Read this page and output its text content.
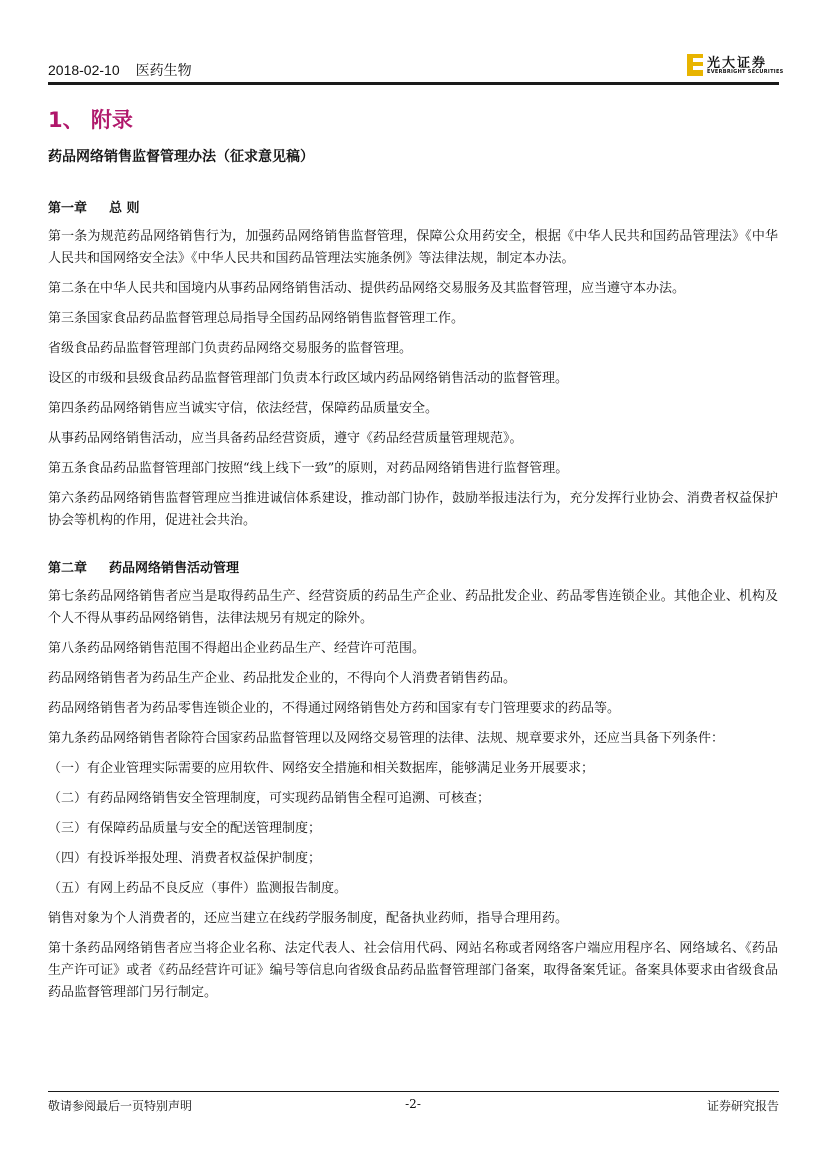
2018-02-10 医药生物	光大证券
EVERBRIGHT SECURITIES
1、 附录
药品网络销售监督管理办法（征求意见稿）
第一章 总 则

第一条为规范药品网络销售行为，加强药品网络销售监督管理，保障公众用药安全，根据《中华人民共和国药品管理法》《中华人民共和国网络安全法》《中华人民共和国药品管理法实施条例》等法律法规，制定本办法。

第二条在中华人民共和国境内从事药品网络销售活动、提供药品网络交易服务及其监督管理，应当遵守本办法。

第三条国家食品药品监督管理总局指导全国药品网络销售监督管理工作。

省级食品药品监督管理部门负责药品网络交易服务的监督管理。

设区的市级和县级食品药品监督管理部门负责本行政区域内药品网络销售活动的监督管理。

第四条药品网络销售应当诚实守信，依法经营，保障药品质量安全。

从事药品网络销售活动，应当具备药品经营资质，遵守《药品经营质量管理规范》。

第五条食品药品监督管理部门按照“线上线下一致”的原则，对药品网络销售进行监督管理。

第六条药品网络销售监督管理应当推进诚信体系建设，推动部门协作，鼓励举报违法行为，充分发挥行业协会、消费者权益保护协会等机构的作用，促进社会共治。

第二章 药品网络销售活动管理

第七条药品网络销售者应当是取得药品生产、经营资质的药品生产企业、药品批发企业、药品零售连锁企业。其他企业、机构及个人不得从事药品网络销售，法律法规另有规定的除外。

第八条药品网络销售范围不得超出企业药品生产、经营许可范围。

药品网络销售者为药品生产企业、药品批发企业的，不得向个人消费者销售药品。

药品网络销售者为药品零售连锁企业的，不得通过网络销售处方药和国家有专门管理要求的药品等。

第九条药品网络销售者除符合国家药品监督管理以及网络交易管理的法律、法规、规章要求外，还应当具备下列条件：

（一）有企业管理实际需要的应用软件、网络安全措施和相关数据库，能够满足业务开展要求；

（二）有药品网络销售安全管理制度，可实现药品销售全程可追溯、可核查；

（三）有保障药品质量与安全的配送管理制度；

（四）有投诉举报处理、消费者权益保护制度；

（五）有网上药品不良反应（事件）监测报告制度。

销售对象为个人消费者的，还应当建立在线药学服务制度，配备执业药师，指导合理用药。

第十条药品网络销售者应当将企业名称、法定代表人、社会信用代码、网站名称或者网络客户端应用程序名、网络域名、《药品生产许可证》或者《药品经营许可证》编号等信息向省级食品药品监督管理部门备案，取得备案凭证。备案具体要求由省级食品药品监督管理部门另行制定。

敬请参阅最后一页特别声明	-2-	证券研究报告
